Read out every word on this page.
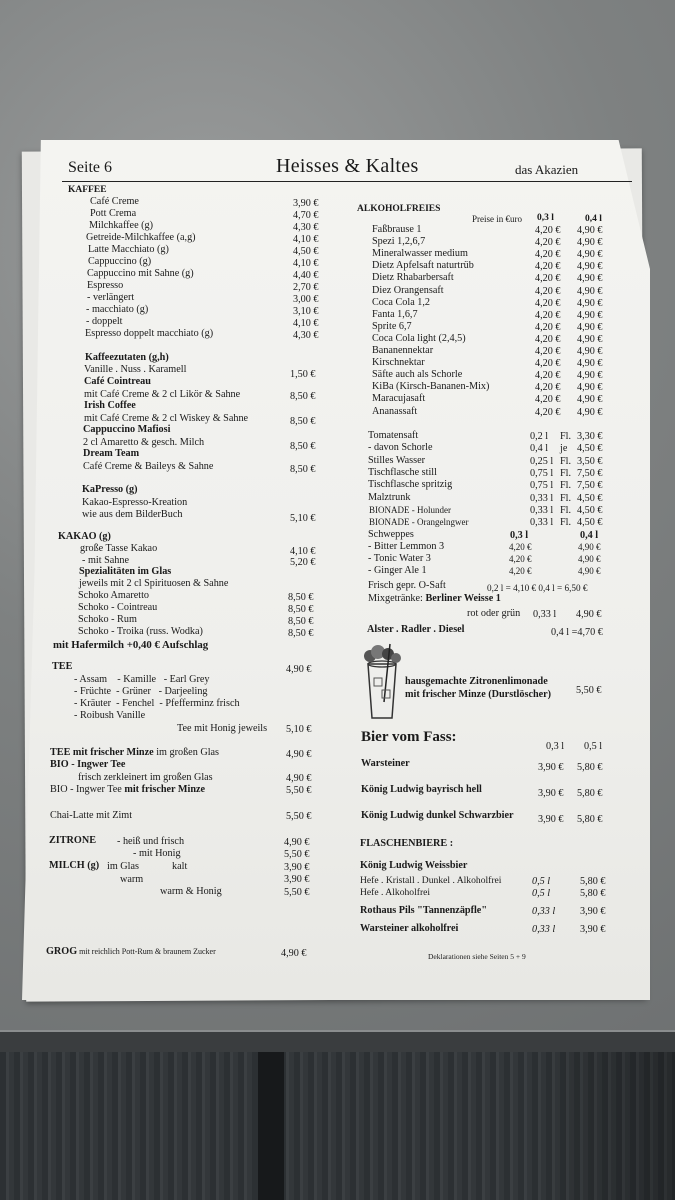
Seite 6	Heisses & Kaltes	das Akazien
KAFFEE
Café Creme	3,90 €
Pott Crema	4,70 €
Milchkaffee (g)	4,30 €
Getreide-Milchkaffee (a,g)	4,10 €
Latte Macchiato (g)	4,50 €
Cappuccino (g)	4,10 €
Cappuccino mit Sahne (g)	4,40 €
Espresso	2,70 €
- verlängert	3,00 €
- macchiato (g)	3,10 €
- doppelt	4,10 €
Espresso doppelt macchiato (g)	4,30 €
Kaffeezutaten (g,h)
Vanille . Nuss . Karamell	1,50 €
Café Cointreau
mit Café Creme & 2 cl Likör & Sahne	8,50 €
Irish Coffee
mit Café Creme & 2 cl Wiskey & Sahne	8,50 €
Cappuccino Mafiosi
2 cl Amaretto & gesch. Milch	8,50 €
Dream Team
Café Creme & Baileys & Sahne	8,50 €
KaPresso (g)
Kakao-Espresso-Kreation
wie aus dem BilderBuch	5,10 €
KAKAO (g)
große Tasse Kakao	4,10 €
- mit Sahne	5,20 €
Spezialitäten im Glas
jeweils mit 2 cl Spirituosen & Sahne
Schoko Amaretto	8,50 €
Schoko - Cointreau	8,50 €
Schoko - Rum	8,50 €
Schoko - Troika (russ. Wodka)	8,50 €
mit Hafermilch +0,40 € Aufschlag
TEE	4,90 €
- Assam    - Kamille   - Earl Grey
- Früchte  - Grüner   - Darjeeling
- Kräuter  - Fenchel  - Pfefferminz frisch
- Roibush Vanille
Tee mit Honig jeweils 5,10 €
TEE mit frischer Minze im großen Glas	4,90 €
BIO - Ingwer Tee
frisch zerkleinert im großen Glas	4,90 €
BIO - Ingwer Tee mit frischer Minze	5,50 €
Chai-Latte mit Zimt	5,50 €
ZITRONE - heiß und frisch	4,90 €
- mit Honig	5,50 €
MILCH (g) im Glas	kalt	3,90 €
warm	3,90 €
warm & Honig	5,50 €
GROG mit reichlich Pott-Rum & braunem Zucker	4,90 €
ALKOHOLFREIES
Preise in €uro 0,3 l	0,4 l
Faßbrause 1	4,20 € 4,90 €
Spezi 1,2,6,7	4,20 € 4,90 €
Mineralwasser medium	4,20 € 4,90 €
Dietz Apfelsaft naturtrüb	4,20 € 4,90 €
Dietz Rhabarbersaft	4,20 € 4,90 €
Diez Orangensaft	4,20 € 4,90 €
Coca Cola 1,2	4,20 € 4,90 €
Fanta 1,6,7	4,20 € 4,90 €
Sprite 6,7	4,20 € 4,90 €
Coca Cola light (2,4,5)	4,20 € 4,90 €
Bananennektar	4,20 € 4,90 €
Kirschnektar	4,20 € 4,90 €
Säfte auch als Schorle	4,20 € 4,90 €
KiBa (Kirsch-Bananen-Mix)	4,20 € 4,90 €
Maracujasaft	4,20 € 4,90 €
Ananassaft	4,20 € 4,90 €
Tomatensaft	0,2 l Fl. 3,30 €
- davon Schorle	0,4 l je 4,50 €
Stilles Wasser	0,25 l Fl. 3,50 €
Tischflasche still	0,75 l Fl. 7,50 €
Tischflasche spritzig	0,75 l Fl. 7,50 €
Malztrunk	0,33 l Fl. 4,50 €
BIONADE - Holunder	0,33 l Fl. 4,50 €
BIONADE - Orangelngwer	0,33 l Fl. 4,50 €
Schweppes	0,3 l	0,4 l
- Bitter Lemmon 3	4,20 €	4,90 €
- Tonic Water 3	4,20 €	4,90 €
- Ginger Ale 1	4,20 €	4,90 €
Frisch gepr. O-Saft	0,2 l = 4,10 € 0,4 l = 6,50 €
Mixgetränke: Berliner Weisse 1
rot oder grün 0,33 l 4,90 €
Alster . Radler . Diesel	0,4 l =4,70 €
hausgemachte Zitronenlimonade
mit frischer Minze (Durstlöscher) 5,50 €
Bier vom Fass:
0,3 l 0,5 l
Warsteiner	3,90 € 5,80 €
König Ludwig bayrisch hell	3,90 € 5,80 €
König Ludwig dunkel Schwarzbier 3,90 € 5,80 €
FLASCHENBIERE :
König Ludwig Weissbier
Hefe . Kristall . Dunkel . Alkoholfrei	0,5 l	5,80 €
Hefe . Alkoholfrei	0,5 l	5,80 €
Rothaus Pils "Tannenzäpfle"	0,33 l 3,90 €
Warsteiner alkoholfrei	0,33 l 3,90 €
Deklarationen siehe Seiten 5 + 9
